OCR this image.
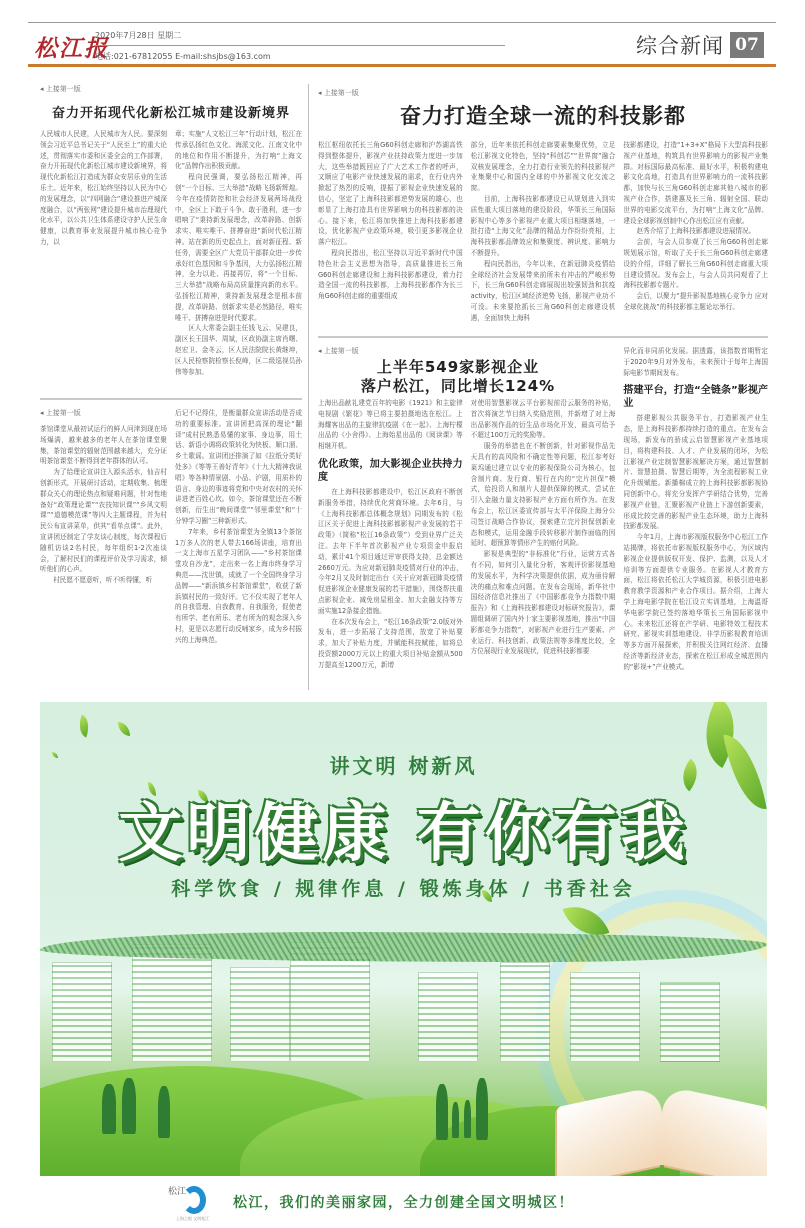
松江报
2020年7月28日 星期二
电话:021-67812055 E-mail:shsjbs@163.com	综合新闻 07
◂ 上接第一版
奋力开拓现代化新松江城市建设新境界

人民城市人民建，人民城市为人民。要深刻领会习近平总书记关于“人民至上”的重大论述，贯彻落实市委和区委全会的工作部署，奋力开拓现代化新松江城市建设新境界，将现代化新松江打造成为群众安居乐业的生活乐土。近年来，松江始终坚持以人民为中心的发展理念，以“四网融合”建设推进产城深度融合，以“两张网”建设提升城市治理现代化水平，以公共卫生体系建设守护人民生命健康，以教育事业发展提升城市核心竞争力，以

章；实施“人文松江三年”行动计划，松江在传承弘扬红色文化、海派文化、江南文化中的地位和作用不断提升，为打响“上海文化”品牌作出积极贡献。

程向民强调，要弘扬松江精神，再创“一个目标、三大举措”战略飞扬新辉煌。今年在疫情防控和社会经济发展两场战役中，全区上下敢于斗争、敢于胜利，进一步唱响了“秉持新发展理念，改革辟路、创新求实、唯实唯干、拼搏奋进”新时代松江精神。站在新的历史起点上，面对新征程、新任务，需要全区广大党员干部群众进一步传承好红色基因和斗争基因，大力弘扬松江精神，全力以赴、再接再厉，将“一个目标、三大举措”战略布局高质量推向新的水平。弘扬松江精神，秉持新发展理念是根本前提，改革辟路、创新求实是必然路径，唯实唯干、拼搏奋进是时代要求。

区人大常委会副主任钱飞云、吴建良，副区长王国华、周斌，区政协副主席肖曙、赵宏卫、金冬云，区人民法院院长黄继坤，区人民检察院检察长倪峰，区二级巡视员孙伟等参加。

◂ 上接第一版

茶馆课堂从最初试运行的鲜人问津到现在场场爆满，越来越多的老年人在茶馆课堂聚集，茶馆课堂的辐射范围越来越大，充分证明茶馆课堂不断得到老年群体的认可。

为了给理论宣讲注入源头活水，仙吉村创新形式，开展研讨活动，定期收集、梳理群众关心的理论热点和疑难问题，针对性地备好“政策理论课”“农技知识课”“乡风文明课”“道德模范课”等四大主题课程，并为村民公布宣讲菜单，供其“看单点课”。此外，宣讲团还制定了学友谈心制度，每次课程后随机访谈2名村民，每年组织1-2次座谈会，了解村民们的课程评价及学习需求，倾听他们的心声。

村民愿不愿意听，听不听得懂，听

后记不记得住，是衡量群众宣讲活动是否成功的重要标准。宣讲团把高深的理论“翻译”成村民熟悉易懂的家事、身边事，用土话、新语小调将政策转化为快板、顺口溜、乡土歌谣。宣讲团还排演了如《拉纸分类好处多》《等等王善好青年》《十九大精神我说唱》等各种情景剧、小品、沪剧，用质朴的语言、身边的事迹将党和中央对农村的关怀讲进老百姓心坎。如今，茶馆课堂还在不断创新，衍生出“晚间课堂”“邻里课堂”和“十分钟学习圈”三种新形式。

7年来，乡村茶馆课堂为全镇13个茶馆1万多人次的老人带去166场讲座，培育出一支上海市五星学习团队——“乡村茶馆课堂攻自沙龙”，走出来一名上海市终身学习典范——沈世镇，成就了一个全国终身学习品牌——“新浜镇乡村茶馆课堂”，收获了新浜镇村民的一致好评。它不仅实现了老年人的自我管理、自我教育、自我服务，促使老有所学、老有所乐、老有所为的观念深入乡村，更是以志愿行动反哺家乡，成为乡村振兴的上海典范。

◂ 上接第一版
奋力打造全球一流的科技影都

松江枢纽依托长三角G60科创走廊和沪苏湖高铁得到整体提升，影视产业扶持政策力度进一步加大，这些举措既回应了广大艺术工作者的呼声，又顺应了电影产业快速发展的需求，在行业内外掀起了热烈的反响，提振了影视企业快速发展的信心，坚定了上海科技影都逆势发展的雄心，也彰显了上海打造具有世界影响力的科技影都的决心。接下来，松江将加快推进上海科技影都建设，优化影视产业政策环境，吸引更多影视企业落户松江。

程向民指出，松江坚持以习近平新时代中国特色社会主义思想为指导，高质量推进长三角G60科创走廊建设和上海科技影都建设，着力打造全国一流的科技影都，上海科技影都作为长三角G60科创走廊的重要组成

部分，近年来依托科创走廊要素集聚优势，立足松江影视文化特色，坚持“科创芯”“世界窗”融合双核发展理念，全力打造行业领先的科技影视产业集聚中心和国内全球的中外影视文化交流之窗。

目前，上海科技影都建设已从规划进入到实质性重大项目落地的建设阶段，华策长三角国际影视中心等多个影视产业重大项目相继落地，一批打造“上海文化”品牌的精品力作纷纷亮相，上海科技影都品牌效应和集聚度、辨识度、影响力不断提升。

程向民指出，今年以来，在新冠肺炎疫情给全球经济社会发展带来前所未有冲击的严峻形势下，长三角G60科创走廊展现出较强韧劲和抗疫activity，松江区域经济逆势飞扬，影视产业功不可没。未来要抢抓长三角G60科创走廊建设机遇，全面加快上海科

技影都建设，打造“1+3+X”格局下大型高科技影视产业基地，构筑具有世界影响力的影视产业集群。对标国际最高标准、最好水平，积极构建电影文化高地，打造具有世界影响力的一流科技影都，加快与长三角G60科创走廊其他八城市的影视产业合作，搭建惠及长三角、辐射全国、联动世界的电影交流平台，为打响“上海文化”品牌、建设全球影视创制中心作出松江应有贡献。

赵秀介绍了上海科技影都建设进展情况。

会前，与会人员参观了长三角G60科创走廊规划展示馆，听取了关于长三角G60科创走廊建设的介绍，详细了解长三角G60科创走廊重大项目建设情况。发布会上，与会人员共同观看了上海科技影都专题片。

会后，以聚力“提升影视基地核心竞争力 应对全球化挑战”的科技影都主题论坛举行。

◂ 上接第一版
上半年549家影视企业
落户松江，同比增长124%

上海出品献礼建党百年的电影《1921》和主旋律电视剧《繁花》等已将主要拍摄地选在松江。上海耀客出品的主旋律抗疫剧《在一起》、上海柠檬出品的《小舍得》、上海始星出品的《阅读课》等相继开机。

优化政策，加大影视企业扶持力度

在上海科技影都建设中，松江区政府不断创新服务举措，持续优化营商环境。去年6月，与《上海科技影都总体概念规划》同期发布的《松江区关于促进上海科技影都影视产业发展的若干政策》（简称“松江16条政策”）受到业界广泛关注。去年下半年首次影视产业专项资金申报启动，累计41个项目通过评审获得支持，总金额达2660万元。为应对新冠肺炎疫情对行业的冲击，今年2月又及时制定出台《关于应对新冠肺炎疫情促进影视企业健康发展的若干措施》，围绕帮扶重点影视企业、减免房屋租金、加大金融支持等方面实施12条接企措施。

在本次发布会上，“松江16条政策”2.0版对外发布，进一步拓展了支持范围，放宽了补贴要求，加大了补贴力度，并赋能科技赋能，如将总投资额2000万元以上的重大项目补贴金额从500万提高至1200万元，新增

对使用智慧影视云平台影视前沿云服务的补贴，首次将演艺节目纳入奖励范围，并新增了对上海出品影视作品的衍生品市场化开发，最高可给予不超过100万元的奖励等。

服务的举措也在不断创新，针对影视作品先天具有的高风险和不确定性等问题，松江参考好莱坞通过建立以专业的影视保险公司为核心，包含制片商、发行商、银行在内的“完片担保”模式，给投资人和制片人提供保障的模式，尝试在引入金融力量支持影视产业方面有所作为。在发布会上，松江区委宣传部与太平洋保险上海分公司签订战略合作协议，探索建立完片担保创新业态和模式，运用金融手段转移影片制作面临的因延时、超预算等情形产生的赔付风险。

影视是典型的“非标准化”行业，运营方式各有不同，如何引入量化分析，客观评价影视基地的发展水平，为科学决策提供依据，成为亟待解决的痛点和难点问题。在发布会现场，新华社中国经济信息社推出了《中国影都竞争力指数中期报告》和《上海科技影都建设对标研究报告》，课题组调研了国内外十家主要影视基地，推出“中国影都竞争力指数”，对影视产业进行生产要素、产业运行、科技创新、政策法规等多维度比较，全方位展现行业发展现状，促进科技影都要

异化而非同质化发展。据透露，该指数首期暂定于2020年9月对外发布，未来预计于每年上海国际电影节期间发布。

搭建平台，打造“全链条”影视产业

搭建影视公共服务平台，打造影视产业生态，是上海科技影都持续打造的重点。在发布会现场，新发布的骄成云启智慧影视产业基地项目，将构建科技、人才、产业发展的闭环，为松江影视产业定制智慧影视解决方案，通过智慧制片、智慧拍摄、智慧后期等，为全流程影视工业化升级赋能。新播棉成立的上海科技影都影视协同创新中心，将充分发挥产学研结合优势，完善影视产业链，汇聚影视产业链上下游创新要素，形成比较完善的影视产业生态环境，助力上海科技影都发展。

今年1月，上海市影视版权服务中心松江工作站揭牌，将依托市影视版权服务中心，为区域内影视企业提供版权开发、保护、监测，以及人才培训等方面提供专业服务。在影视人才教育方面，松江将依托松江大学城资源，积极引进电影教育教学资源和产业合作项目。据介绍，上海大学上海电影学院在松江设立实训基地，上海温哥华电影学院已签约落地华策长三角国际影视中心。未来松江还将在产学研、电影特效工程技术研究、影视实训基地建设、非学历影视教育培训等多方面开展探索，并积极关注网红经济、直播经济等新经济业态，探索在松江形成全城范围内的“影视+”产业模式。

讲文明 树新风
文明健康 有你有我
科学饮食 / 规律作息 / 锻炼身体 / 书香社会
松江
上海之根 文明松江
松江，我们的美丽家园，全力创建全国文明城区！
